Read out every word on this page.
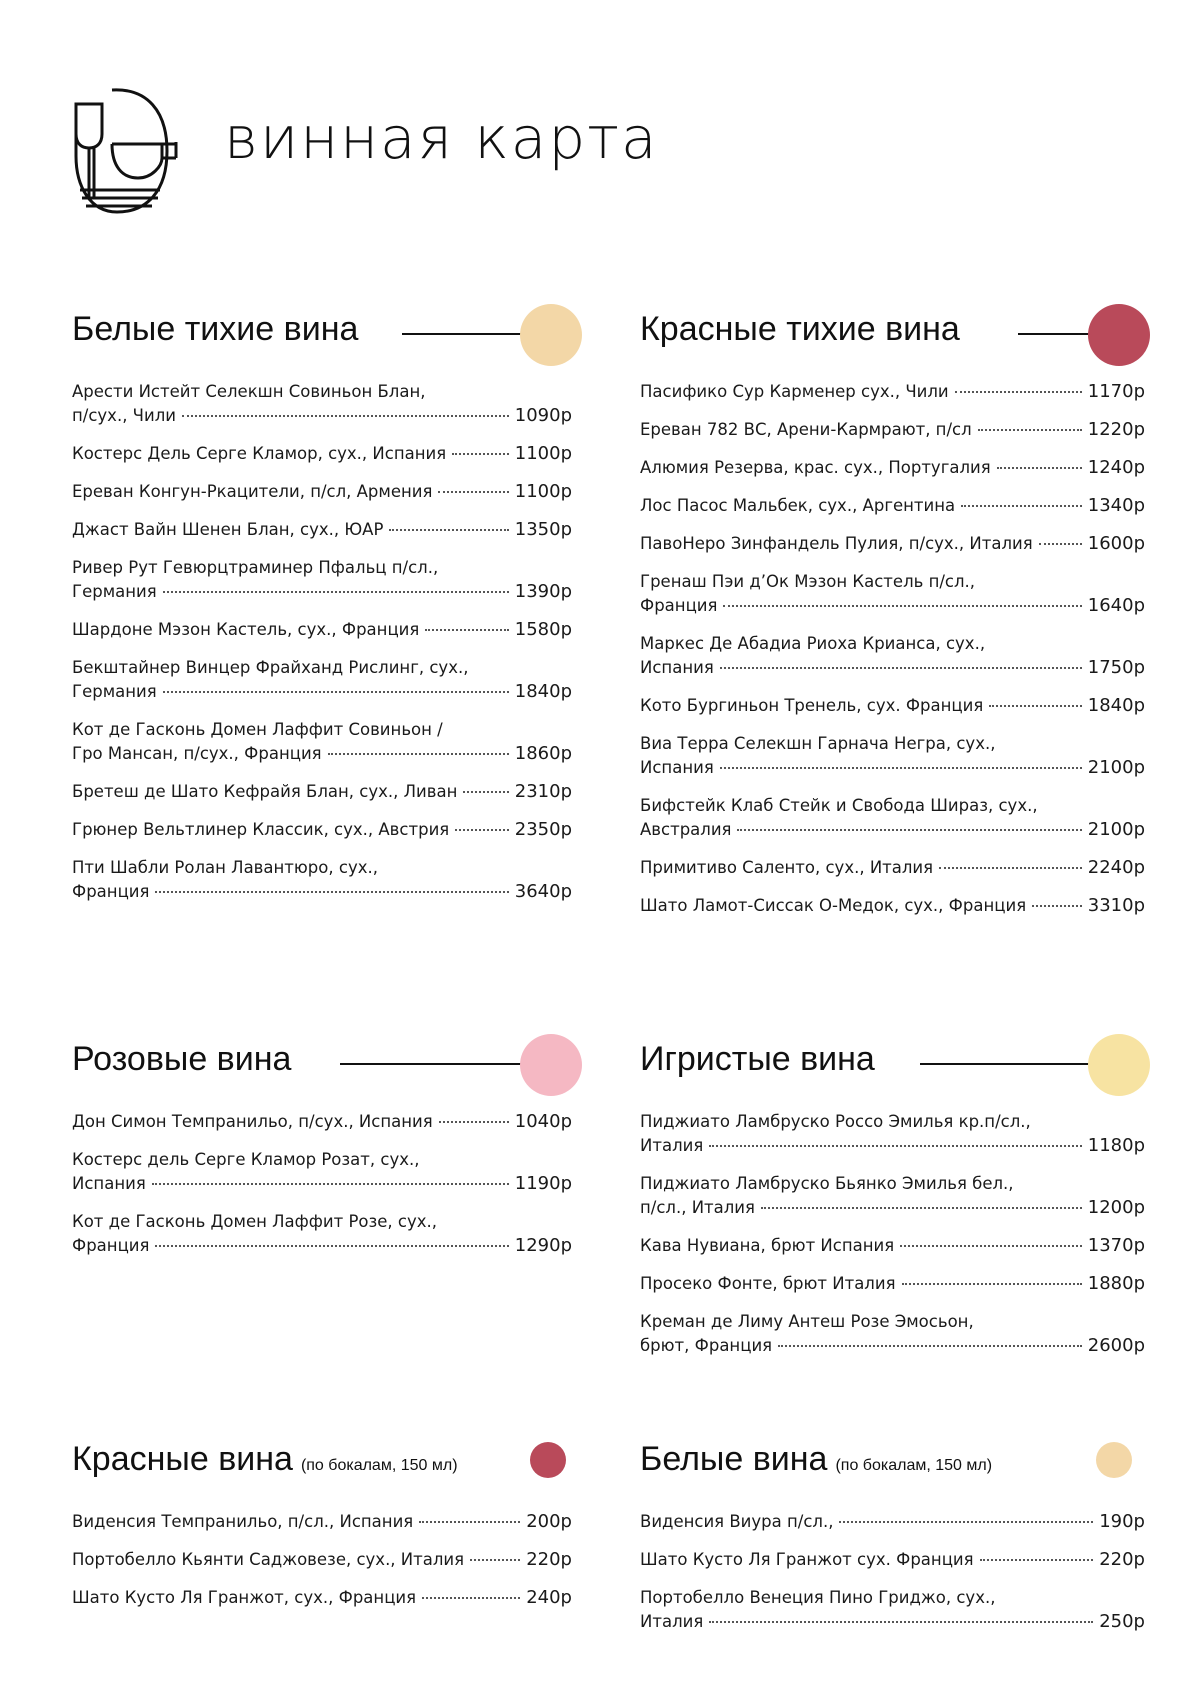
винная карта
Белые тихие вина
Арести Истейт Селекшн Совиньон Блан,
п/сух., Чили	1090р
Костерс Дель Серге Кламор, сух., Испания	1100р
Ереван Конгун-Ркацители, п/сл, Армения	1100р
Джаст Вайн Шенен Блан, сух., ЮАР	1350р
Ривер Рут Гевюрцтраминер Пфальц п/сл.,
Германия	1390р
Шардоне Мэзон Кастель, сух., Франция	1580р
Бекштайнер Винцер Фрайханд Рислинг, сух.,
Германия	1840р
Кот де Гасконь Домен Лаффит Совиньон /
Гро Мансан, п/сух., Франция	1860р
Бретеш де Шато Кефрайя Блан, сух., Ливан	2310р
Грюнер Вельтлинер Классик, сух., Австрия	2350р
Пти Шабли Ролан Лавантюро, сух.,
Франция	3640р
Красные тихие вина
Пасифико Сур Карменер сух., Чили	1170р
Ереван 782 ВС, Арени-Кармрают, п/сл	1220р
Алюмия Резерва, крас. сух., Португалия	1240р
Лос Пасос Мальбек, сух., Аргентина	1340р
ПавоНеро Зинфандель Пулия, п/сух., Италия	1600р
Гренаш Пэи д’Ок Мэзон Кастель п/сл.,
Франция	1640р
Маркес Де Абадиа Риоха Крианса, сух.,
Испания	1750р
Кото Бургиньон Тренель, сух. Франция	1840р
Виа Терра Селекшн Гарнача Негра, сух.,
Испания	2100р
Бифстейк Клаб Стейк и Свобода Шираз, сух.,
Австралия	2100р
Примитиво Саленто, сух., Италия	2240р
Шато Ламот-Сиссак О-Медок, сух., Франция	3310р
Розовые вина
Дон Симон Темпранильо, п/сух., Испания	1040р
Костерс дель Серге Кламор Розат, сух.,
Испания	1190р
Кот де Гасконь Домен Лаффит Розе, сух.,
Франция	1290р
Игристые вина
Пиджиато Ламбруско Россо Эмилья кр.п/сл.,
Италия	1180р
Пиджиато Ламбруско Бьянко Эмилья бел.,
п/сл., Италия	1200р
Кава Нувиана, брют Испания	1370р
Просеко Фонте, брют Италия	1880р
Креман де Лиму Антеш Розе Эмосьон,
брют, Франция	2600р
Красные вина (по бокалам, 150 мл)
Виденсия Темпранильо, п/сл., Испания	200р
Портобелло Кьянти Саджовезе, сух., Италия	220р
Шато Кусто Ля Гранжот, сух., Франция	240р
Белые вина (по бокалам, 150 мл)
Виденсия Виура п/сл.,	190р
Шато Кусто Ля Гранжот сух. Франция	220р
Портобелло Венеция Пино Гриджо, сух.,
Италия	250р
